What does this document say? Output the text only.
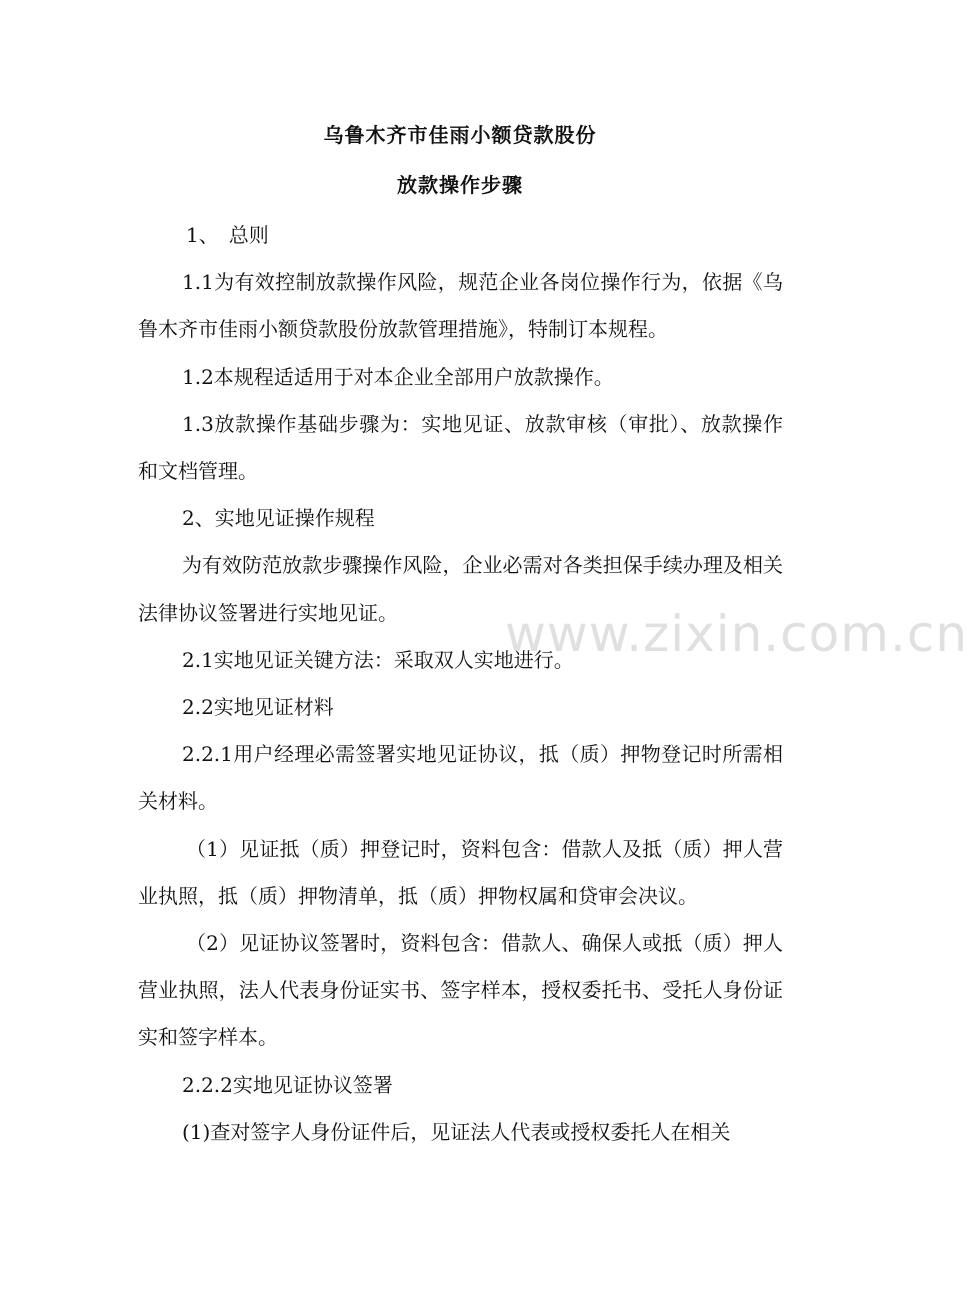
乌鲁木齐市佳雨小额贷款股份
放款操作步骤

1、　总则

1.1为有效控制放款操作风险，规范企业各岗位操作行为，依据《乌鲁木齐市佳雨小额贷款股份放款管理措施》，特制订本规程。

1.2本规程适适用于对本企业全部用户放款操作。

1.3放款操作基础步骤为：实地见证、放款审核（审批）、放款操作和文档管理。

2、实地见证操作规程

为有效防范放款步骤操作风险，企业必需对各类担保手续办理及相关法律协议签署进行实地见证。

2.1实地见证关键方法：采取双人实地进行。

2.2实地见证材料

2.2.1用户经理必需签署实地见证协议，抵（质）押物登记时所需相关材料。

（1）见证抵（质）押登记时，资料包含：借款人及抵（质）押人营业执照，抵（质）押物清单，抵（质）押物权属和贷审会决议。

（2）见证协议签署时，资料包含：借款人、确保人或抵（质）押人营业执照，法人代表身份证实书、签字样本，授权委托书、受托人身份证实和签字样本。

2.2.2实地见证协议签署

(1)查对签字人身份证件后，见证法人代表或授权委托人在相关

www.zixin.com.cn
